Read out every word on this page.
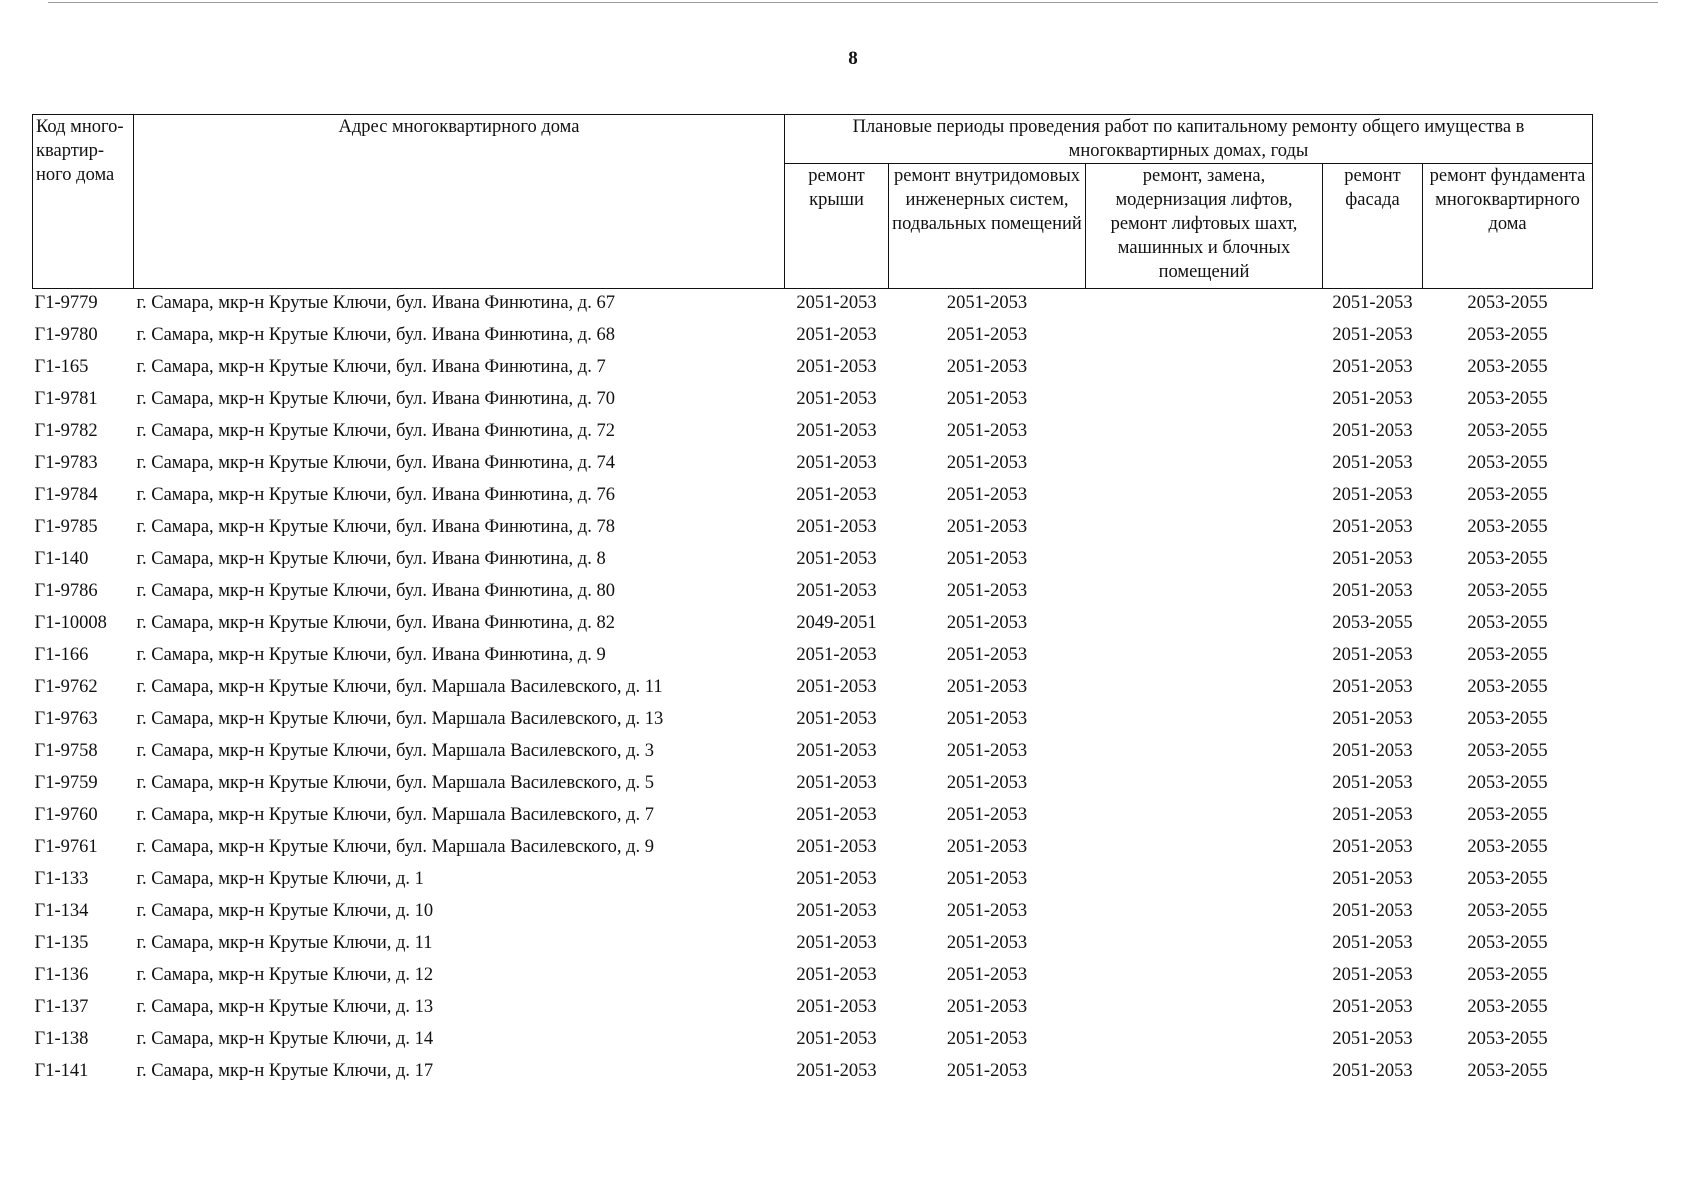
8
Код много-квартир-ного дома	Адрес многоквартирного дома	Плановые периоды проведения работ по капитальному ремонту общего имущества в многоквартирных домах, годы				
		ремонт крыши	ремонт внутридомовых инженерных систем, подвальных помещений	ремонт, замена, модернизация лифтов, ремонт лифтовых шахт, машинных и блочных помещений	ремонт фасада	ремонт фундамента многоквартирного дома
Г1-9779	г. Самара, мкр-н Крутые Ключи, бул. Ивана Финютина, д. 67	2051-2053	2051-2053		2051-2053	2053-2055
Г1-9780	г. Самара, мкр-н Крутые Ключи, бул. Ивана Финютина, д. 68	2051-2053	2051-2053		2051-2053	2053-2055
Г1-165	г. Самара, мкр-н Крутые Ключи, бул. Ивана Финютина, д. 7	2051-2053	2051-2053		2051-2053	2053-2055
Г1-9781	г. Самара, мкр-н Крутые Ключи, бул. Ивана Финютина, д. 70	2051-2053	2051-2053		2051-2053	2053-2055
Г1-9782	г. Самара, мкр-н Крутые Ключи, бул. Ивана Финютина, д. 72	2051-2053	2051-2053		2051-2053	2053-2055
Г1-9783	г. Самара, мкр-н Крутые Ключи, бул. Ивана Финютина, д. 74	2051-2053	2051-2053		2051-2053	2053-2055
Г1-9784	г. Самара, мкр-н Крутые Ключи, бул. Ивана Финютина, д. 76	2051-2053	2051-2053		2051-2053	2053-2055
Г1-9785	г. Самара, мкр-н Крутые Ключи, бул. Ивана Финютина, д. 78	2051-2053	2051-2053		2051-2053	2053-2055
Г1-140	г. Самара, мкр-н Крутые Ключи, бул. Ивана Финютина, д. 8	2051-2053	2051-2053		2051-2053	2053-2055
Г1-9786	г. Самара, мкр-н Крутые Ключи, бул. Ивана Финютина, д. 80	2051-2053	2051-2053		2051-2053	2053-2055
Г1-10008	г. Самара, мкр-н Крутые Ключи, бул. Ивана Финютина, д. 82	2049-2051	2051-2053		2053-2055	2053-2055
Г1-166	г. Самара, мкр-н Крутые Ключи, бул. Ивана Финютина, д. 9	2051-2053	2051-2053		2051-2053	2053-2055
Г1-9762	г. Самара, мкр-н Крутые Ключи, бул. Маршала Василевского, д. 11	2051-2053	2051-2053		2051-2053	2053-2055
Г1-9763	г. Самара, мкр-н Крутые Ключи, бул. Маршала Василевского, д. 13	2051-2053	2051-2053		2051-2053	2053-2055
Г1-9758	г. Самара, мкр-н Крутые Ключи, бул. Маршала Василевского, д. 3	2051-2053	2051-2053		2051-2053	2053-2055
Г1-9759	г. Самара, мкр-н Крутые Ключи, бул. Маршала Василевского, д. 5	2051-2053	2051-2053		2051-2053	2053-2055
Г1-9760	г. Самара, мкр-н Крутые Ключи, бул. Маршала Василевского, д. 7	2051-2053	2051-2053		2051-2053	2053-2055
Г1-9761	г. Самара, мкр-н Крутые Ключи, бул. Маршала Василевского, д. 9	2051-2053	2051-2053		2051-2053	2053-2055
Г1-133	г. Самара, мкр-н Крутые Ключи, д. 1	2051-2053	2051-2053		2051-2053	2053-2055
Г1-134	г. Самара, мкр-н Крутые Ключи, д. 10	2051-2053	2051-2053		2051-2053	2053-2055
Г1-135	г. Самара, мкр-н Крутые Ключи, д. 11	2051-2053	2051-2053		2051-2053	2053-2055
Г1-136	г. Самара, мкр-н Крутые Ключи, д. 12	2051-2053	2051-2053		2051-2053	2053-2055
Г1-137	г. Самара, мкр-н Крутые Ключи, д. 13	2051-2053	2051-2053		2051-2053	2053-2055
Г1-138	г. Самара, мкр-н Крутые Ключи, д. 14	2051-2053	2051-2053		2051-2053	2053-2055
Г1-141	г. Самара, мкр-н Крутые Ключи, д. 17	2051-2053	2051-2053		2051-2053	2053-2055
